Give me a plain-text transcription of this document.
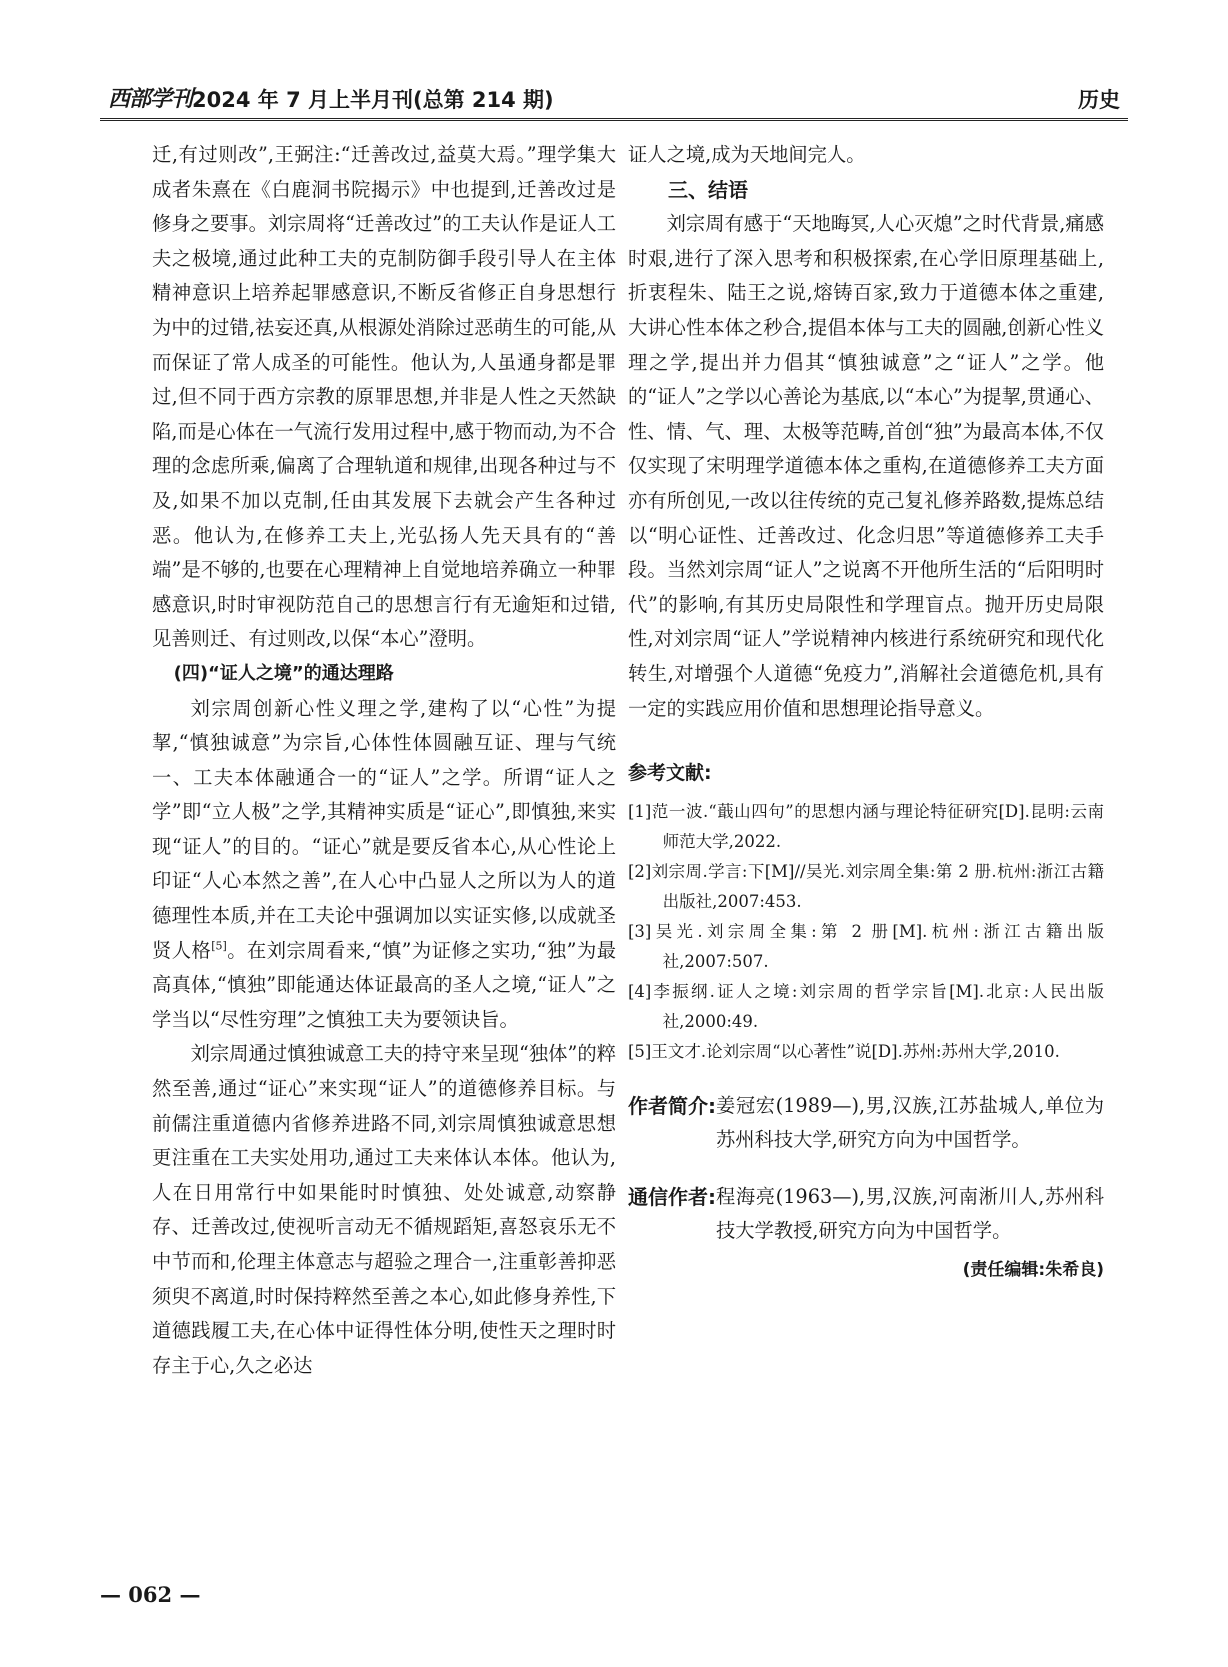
西部学刊 2024 年 7 月上半月刊(总第 214 期)	历史

迁,有过则改”,王弼注:“迁善改过,益莫大焉。”理学集大成者朱熹在《白鹿洞书院揭示》中也提到,迁善改过是修身之要事。刘宗周将“迁善改过”的工夫认作是证人工夫之极境,通过此种工夫的克制防御手段引导人在主体精神意识上培养起罪感意识,不断反省修正自身思想行为中的过错,祛妄还真,从根源处消除过恶萌生的可能,从而保证了常人成圣的可能性。他认为,人虽通身都是罪过,但不同于西方宗教的原罪思想,并非是人性之天然缺陷,而是心体在一气流行发用过程中,感于物而动,为不合理的念虑所乘,偏离了合理轨道和规律,出现各种过与不及,如果不加以克制,任由其发展下去就会产生各种过恶。他认为,在修养工夫上,光弘扬人先天具有的“善端”是不够的,也要在心理精神上自觉地培养确立一种罪感意识,时时审视防范自己的思想言行有无逾矩和过错,见善则迁、有过则改,以保“本心”澄明。

(四)“证人之境”的通达理路

刘宗周创新心性义理之学,建构了以“心性”为提挈,“慎独诚意”为宗旨,心体性体圆融互证、理与气统一、工夫本体融通合一的“证人”之学。所谓“证人之学”即“立人极”之学,其精神实质是“证心”,即慎独,来实现“证人”的目的。“证心”就是要反省本心,从心性论上印证“人心本然之善”,在人心中凸显人之所以为人的道德理性本质,并在工夫论中强调加以实证实修,以成就圣贤人格[5]。在刘宗周看来,“慎”为证修之实功,“独”为最高真体,“慎独”即能通达体证最高的圣人之境,“证人”之学当以“尽性穷理”之慎独工夫为要领诀旨。

刘宗周通过慎独诚意工夫的持守来呈现“独体”的粹然至善,通过“证心”来实现“证人”的道德修养目标。与前儒注重道德内省修养进路不同,刘宗周慎独诚意思想更注重在工夫实处用功,通过工夫来体认本体。他认为,人在日用常行中如果能时时慎独、处处诚意,动察静存、迁善改过,使视听言动无不循规蹈矩,喜怒哀乐无不中节而和,伦理主体意志与超验之理合一,注重彰善抑恶须臾不离道,时时保持粹然至善之本心,如此修身养性,下道德践履工夫,在心体中证得性体分明,使性天之理时时存主于心,久之必达

证人之境,成为天地间完人。

三、结语

刘宗周有感于“天地晦冥,人心灭熄”之时代背景,痛感时艰,进行了深入思考和积极探索,在心学旧原理基础上,折衷程朱、陆王之说,熔铸百家,致力于道德本体之重建,大讲心性本体之秒合,提倡本体与工夫的圆融,创新心性义理之学,提出并力倡其“慎独诚意”之“证人”之学。他的“证人”之学以心善论为基底,以“本心”为提挈,贯通心、性、情、气、理、太极等范畴,首创“独”为最高本体,不仅仅实现了宋明理学道德本体之重构,在道德修养工夫方面亦有所创见,一改以往传统的克己复礼修养路数,提炼总结以“明心证性、迁善改过、化念归思”等道德修养工夫手段。当然刘宗周“证人”之说离不开他所生活的“后阳明时代”的影响,有其历史局限性和学理盲点。抛开历史局限性,对刘宗周“证人”学说精神内核进行系统研究和现代化转生,对增强个人道德“免疫力”,消解社会道德危机,具有一定的实践应用价值和思想理论指导意义。

参考文献:

[1]范一波.“蕺山四句”的思想内涵与理论特征研究[D].昆明:云南师范大学,2022.

[2]刘宗周.学言:下[M]//吴光.刘宗周全集:第 2 册.杭州:浙江古籍出版社,2007:453.

[3]吴光.刘宗周全集:第 2 册[M].杭州:浙江古籍出版社,2007:507.

[4]李振纲.证人之境:刘宗周的哲学宗旨[M].北京:人民出版社,2000:49.

[5]王文才.论刘宗周“以心著性”说[D].苏州:苏州大学,2010.

作者简介: 姜冠宏(1989—),男,汉族,江苏盐城人,单位为苏州科技大学,研究方向为中国哲学。
通信作者: 程海亮(1963—),男,汉族,河南淅川人,苏州科技大学教授,研究方向为中国哲学。

(责任编辑:朱希良)

— 062 —
